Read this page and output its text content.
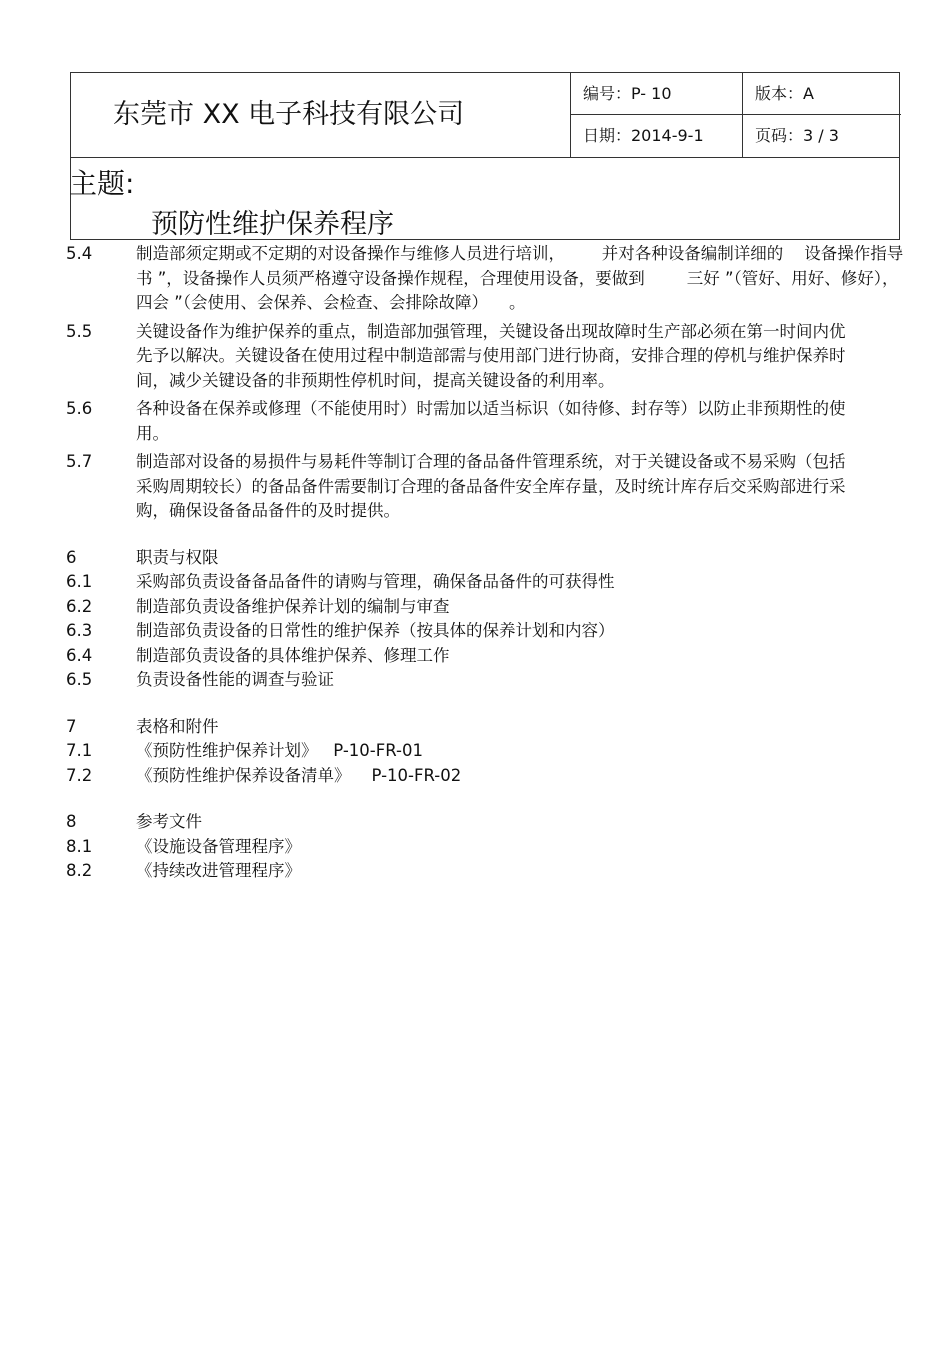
东莞市 XX 电子科技有限公司
编号：P- 10	版本：A
日期：2014-9-1	页码：3 / 3
主题:
预防性维护保养程序
5.4	制造部须定期或不定期的对设备操作与维修人员进行培训，       并对各种设备编制详细的    设备操作指导书 ”，设备操作人员须严格遵守设备操作规程，合理使用设备，要做到        三好 ”（管好、用好、修好），  四会 ”（会使用、会保养、会检查、会排除故障）    。
5.5	关键设备作为维护保养的重点，制造部加强管理，关键设备出现故障时生产部必须在第一时间内优先予以解决。关键设备在使用过程中制造部需与使用部门进行协商，安排合理的停机与维护保养时间，减少关键设备的非预期性停机时间，提高关键设备的利用率。
5.6	各种设备在保养或修理（不能使用时）时需加以适当标识（如待修、封存等）以防止非预期性的使用。
5.7	制造部对设备的易损件与易耗件等制订合理的备品备件管理系统，对于关键设备或不易采购（包括采购周期较长）的备品备件需要制订合理的备品备件安全库存量，及时统计库存后交采购部进行采购，确保设备备品备件的及时提供。
6	职责与权限
6.1	采购部负责设备备品备件的请购与管理，确保备品备件的可获得性
6.2	制造部负责设备维护保养计划的编制与审查
6.3	制造部负责设备的日常性的维护保养（按具体的保养计划和内容）
6.4	制造部负责设备的具体维护保养、修理工作
6.5	负责设备性能的调查与验证
7	表格和附件
7.1	《预防性维护保养计划》   P-10-FR-01
7.2	《预防性维护保养设备清单》    P-10-FR-02
8	参考文件
8.1	《设施设备管理程序》
8.2	《持续改进管理程序》
